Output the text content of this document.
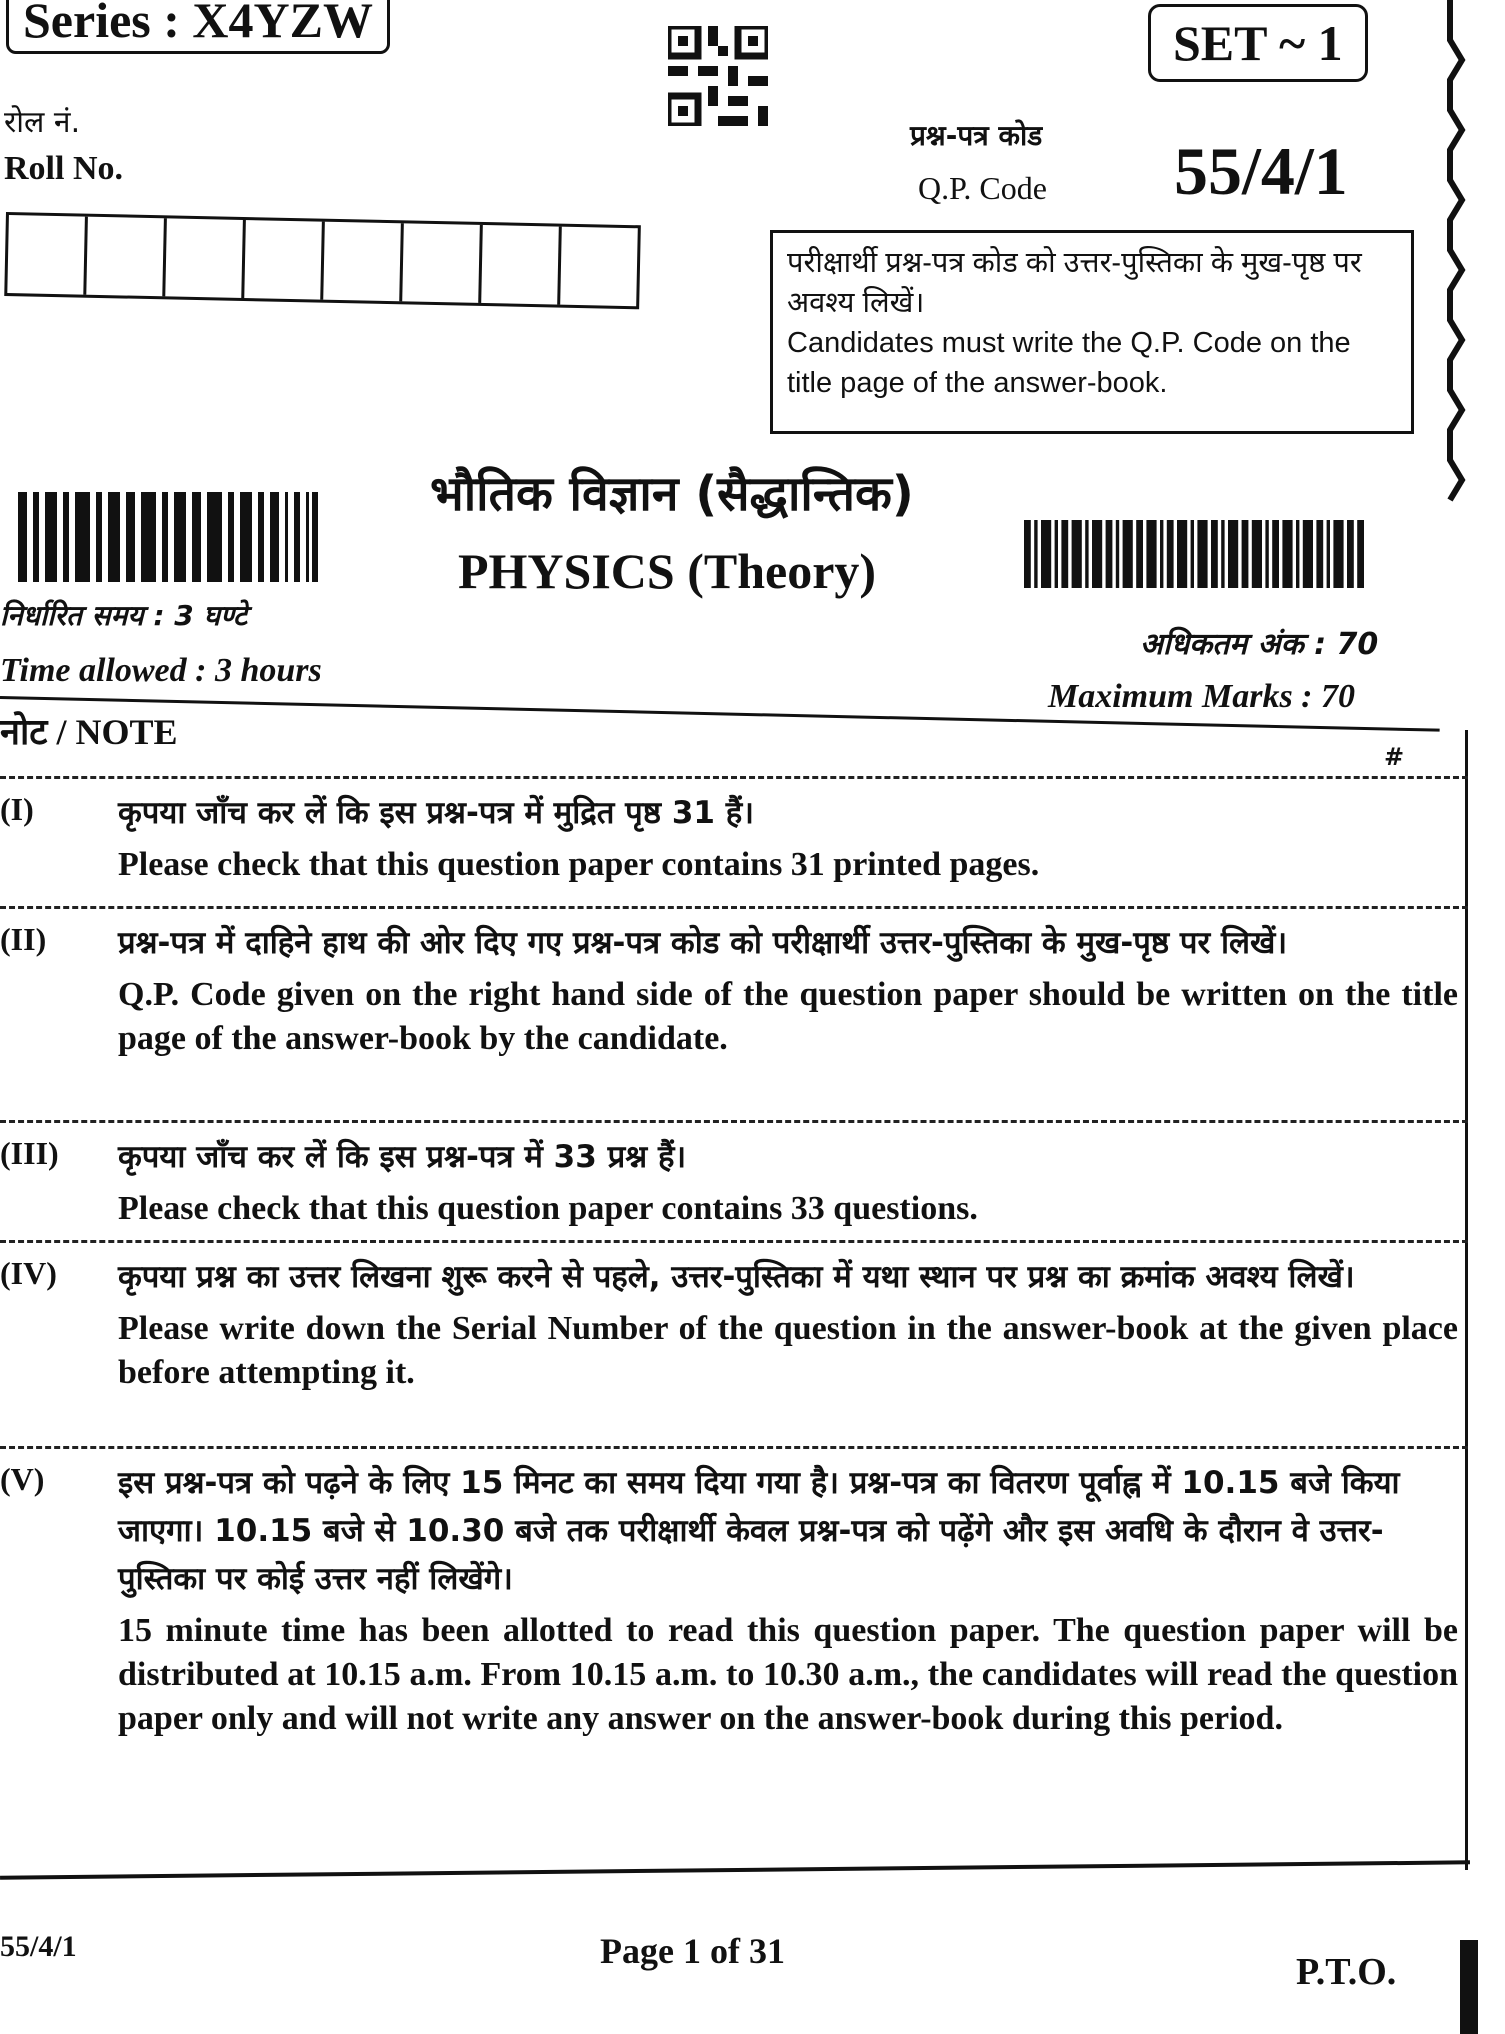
Series : X4YZW	SET ~ 1
रोल नं.
Roll No.
प्रश्न-पत्र कोड
Q.P. Code 55/4/1
परीक्षार्थी प्रश्न-पत्र कोड को उत्तर-पुस्तिका के मुख-पृष्ठ पर अवश्य लिखें।
Candidates must write the Q.P. Code on the title page of the answer-book.
भौतिक विज्ञान (सैद्धान्तिक)
PHYSICS (Theory)
निर्धारित समय : 3 घण्टे
Time allowed : 3 hours
अधिकतम अंक : 70
Maximum Marks : 70
नोट / NOTE
#
(I)	कृपया जाँच कर लें कि इस प्रश्न-पत्र में मुद्रित पृष्ठ 31 हैं।
Please check that this question paper contains 31 printed pages.
(II) प्रश्न-पत्र में दाहिने हाथ की ओर दिए गए प्रश्न-पत्र कोड को परीक्षार्थी उत्तर-पुस्तिका के मुख-पृष्ठ पर लिखें।
Q.P. Code given on the right hand side of the question paper should be written on the title page of the answer-book by the candidate.
(III) कृपया जाँच कर लें कि इस प्रश्न-पत्र में 33 प्रश्न हैं।
Please check that this question paper contains 33 questions.
(IV) कृपया प्रश्न का उत्तर लिखना शुरू करने से पहले, उत्तर-पुस्तिका में यथा स्थान पर प्रश्न का क्रमांक अवश्य लिखें।
Please write down the Serial Number of the question in the answer-book at the given place before attempting it.
(V) इस प्रश्न-पत्र को पढ़ने के लिए 15 मिनट का समय दिया गया है। प्रश्न-पत्र का वितरण पूर्वाह्न में 10.15 बजे किया जाएगा। 10.15 बजे से 10.30 बजे तक परीक्षार्थी केवल प्रश्न-पत्र को पढ़ेंगे और इस अवधि के दौरान वे उत्तर-पुस्तिका पर कोई उत्तर नहीं लिखेंगे।
15 minute time has been allotted to read this question paper. The question paper will be distributed at 10.15 a.m. From 10.15 a.m. to 10.30 a.m., the candidates will read the question paper only and will not write any answer on the answer-book during this period.
55/4/1	Page 1 of 31	P.T.O.
